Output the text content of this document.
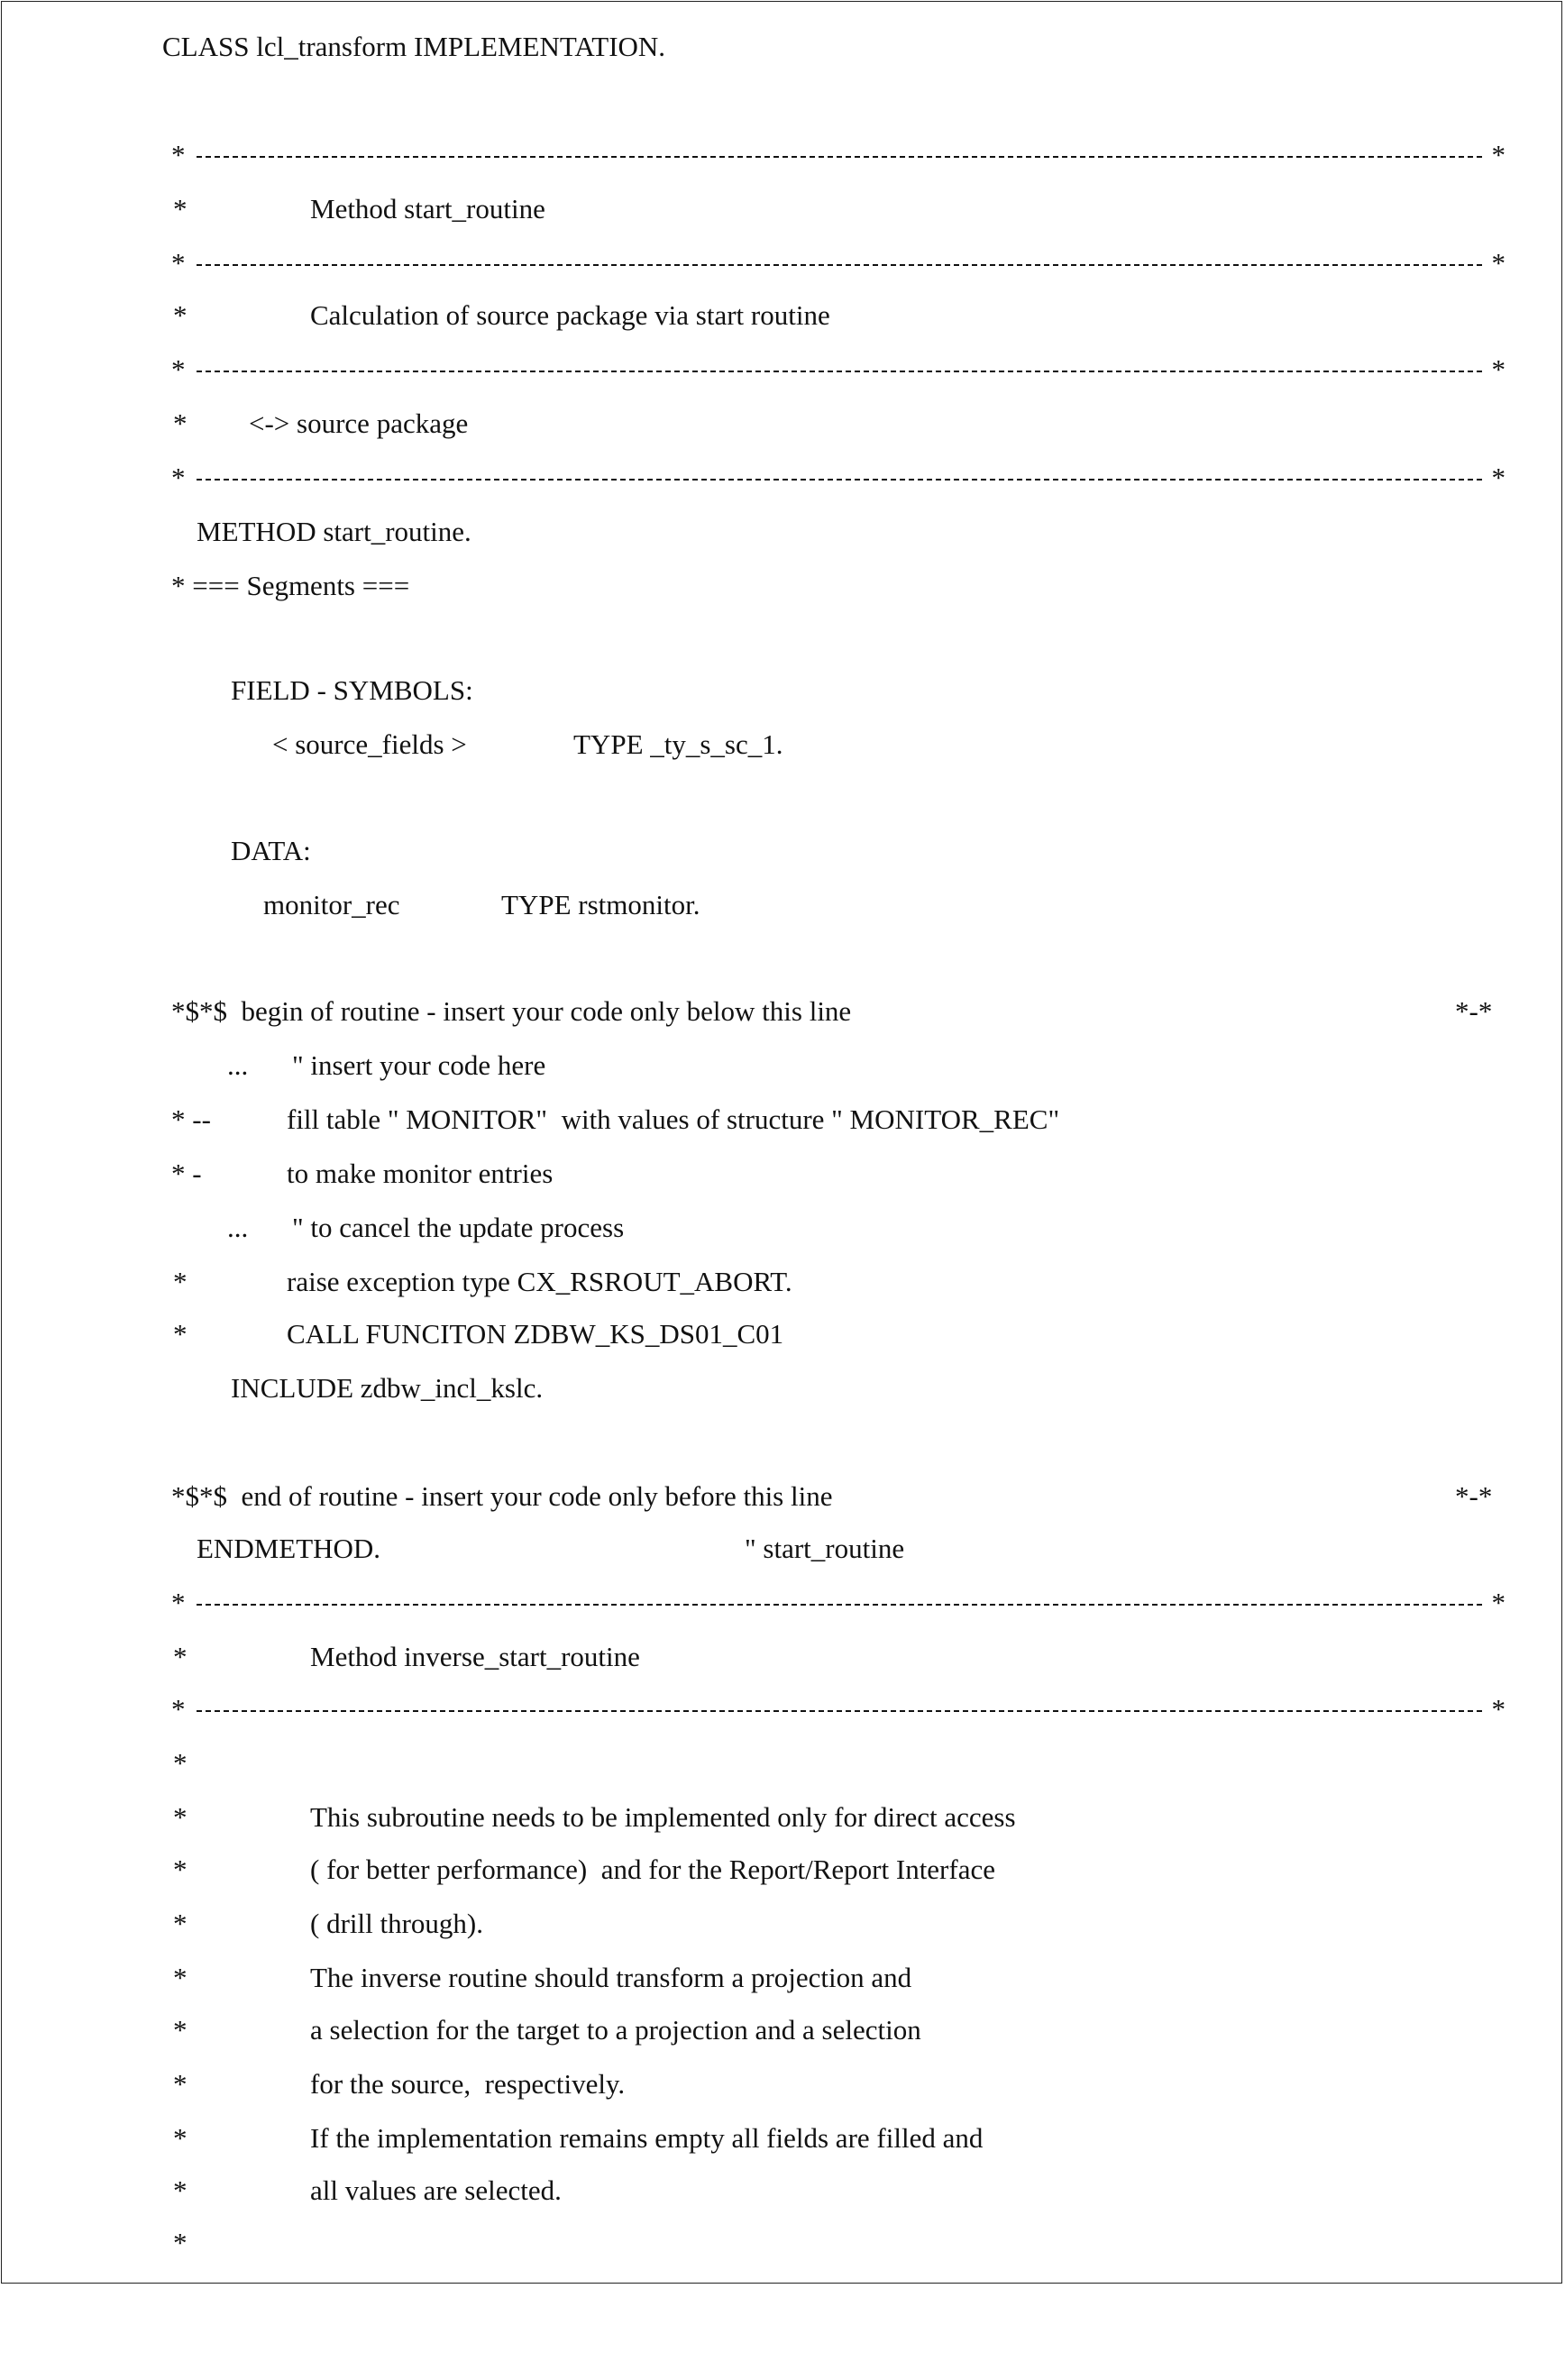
CLASS lcl_transform IMPLEMENTATION.

*	*

*

	Method start_routine

*	*

*

	Calculation of source package via start routine

*	*

*

<-> source package

*	*

METHOD start_routine.

* === Segments ===

FIELD - SYMBOLS:

< source_fields >

	TYPE _ty_s_sc_1.

DATA:

monitor_rec

	TYPE rstmonitor.

*$*$  begin of routine - insert your code only below this line

	*-*

...

" insert your code here

* --

	fill table " MONITOR"  with values of structure " MONITOR_REC"

* -

	to make monitor entries

...

" to cancel the update process

*

	raise exception type CX_RSROUT_ABORT.

*

	CALL FUNCITON ZDBW_KS_DS01_C01

INCLUDE zdbw_incl_kslc.

*$*$  end of routine - insert your code only before this line

	*-*

ENDMETHOD.

	" start_routine

*	*

*

	Method inverse_start_routine

*	*

*

*

	This subroutine needs to be implemented only for direct access

*

	( for better performance)  and for the Report/Report Interface

*

	( drill through).

*

	The inverse routine should transform a projection and

*

	a selection for the target to a projection and a selection

*

	for the source,  respectively.

*

	If the implementation remains empty all fields are filled and

*

	all values are selected.

*
